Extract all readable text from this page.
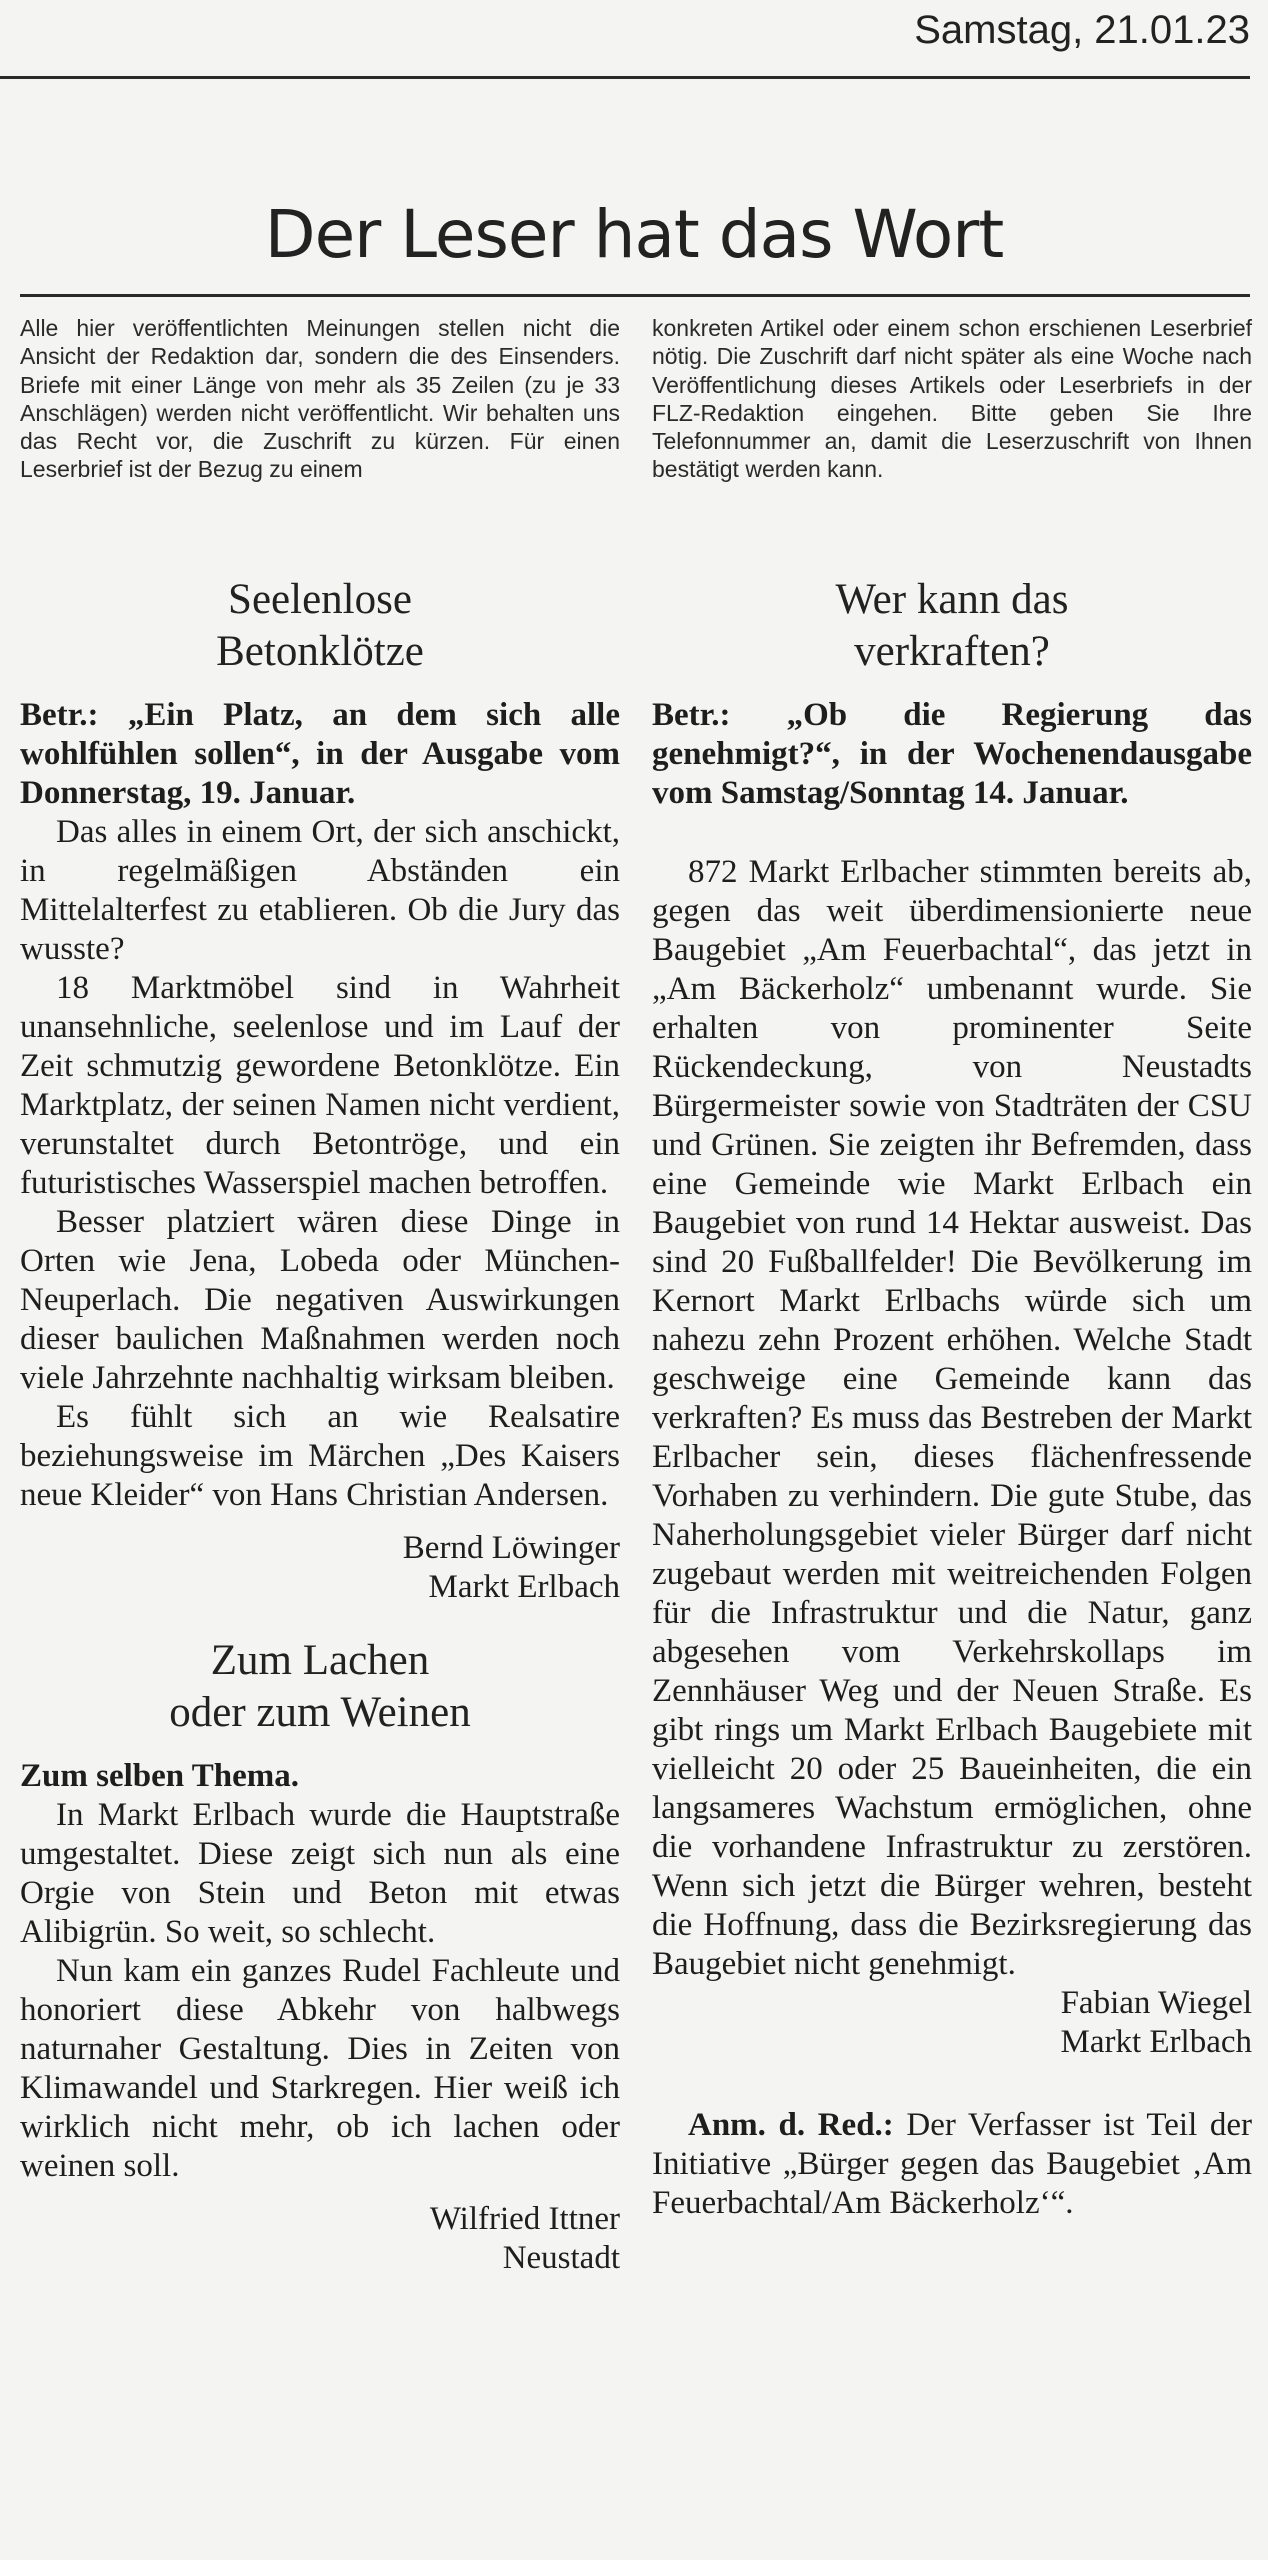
Samstag, 21.01.23
Der Leser hat das Wort
Alle hier veröffentlichten Meinungen stellen nicht die Ansicht der Redaktion dar, sondern die des Einsenders. Briefe mit einer Länge von mehr als 35 Zeilen (zu je 33 Anschlägen) werden nicht veröffentlicht. Wir behalten uns das Recht vor, die Zuschrift zu kürzen. Für einen Leserbrief ist der Bezug zu einem
konkreten Artikel oder einem schon erschienen Leserbrief nötig. Die Zuschrift darf nicht später als eine Woche nach Veröffentlichung dieses Artikels oder Leserbriefs in der FLZ-Redaktion eingehen. Bitte geben Sie Ihre Telefonnummer an, damit die Leserzuschrift von Ihnen bestätigt werden kann.
Seelenlose
Betonklötze

Betr.: „Ein Platz, an dem sich alle wohlfühlen sollen“, in der Ausgabe vom Donnerstag, 19. Januar.

Das alles in einem Ort, der sich anschickt, in regelmäßigen Abständen ein Mittelalterfest zu etablieren. Ob die Jury das wusste?

18 Marktmöbel sind in Wahrheit unansehnliche, seelenlose und im Lauf der Zeit schmutzig gewordene Betonklötze. Ein Marktplatz, der seinen Namen nicht verdient, verunstaltet durch Betontröge, und ein futuristisches Wasserspiel machen betroffen.

Besser platziert wären diese Dinge in Orten wie Jena, Lobeda oder München-Neuperlach. Die negativen Auswirkungen dieser baulichen Maßnahmen werden noch viele Jahrzehnte nachhaltig wirksam bleiben.

Es fühlt sich an wie Realsatire beziehungsweise im Märchen „Des Kaisers neue Kleider“ von Hans Christian Andersen.

Bernd Löwinger

Markt Erlbach

Zum Lachen
oder zum Weinen

Zum selben Thema.

In Markt Erlbach wurde die Hauptstraße umgestaltet. Diese zeigt sich nun als eine Orgie von Stein und Beton mit etwas Alibigrün. So weit, so schlecht.

Nun kam ein ganzes Rudel Fachleute und honoriert diese Abkehr von halbwegs naturnaher Gestaltung. Dies in Zeiten von Klimawandel und Starkregen. Hier weiß ich wirklich nicht mehr, ob ich lachen oder weinen soll.

Wilfried Ittner

Neustadt

Wer kann das
verkraften?

Betr.: „Ob die Regierung das genehmigt?“, in der Wochenendausgabe vom Samstag/Sonntag 14. Januar.

872 Markt Erlbacher stimmten bereits ab, gegen das weit überdimensionierte neue Baugebiet „Am Feuerbachtal“, das jetzt in „Am Bäckerholz“ umbenannt wurde. Sie erhalten von prominenter Seite Rückendeckung, von Neustadts Bürgermeister sowie von Stadträten der CSU und Grünen. Sie zeigten ihr Befremden, dass eine Gemeinde wie Markt Erlbach ein Baugebiet von rund 14 Hektar ausweist. Das sind 20 Fußballfelder! Die Bevölkerung im Kernort Markt Erlbachs würde sich um nahezu zehn Prozent erhöhen. Welche Stadt geschweige eine Gemeinde kann das verkraften? Es muss das Bestreben der Markt Erlbacher sein, dieses flächenfressende Vorhaben zu verhindern. Die gute Stube, das Naherholungsgebiet vieler Bürger darf nicht zugebaut werden mit weitreichenden Folgen für die Infrastruktur und die Natur, ganz abgesehen vom Verkehrskollaps im Zennhäuser Weg und der Neuen Straße. Es gibt rings um Markt Erlbach Baugebiete mit vielleicht 20 oder 25 Baueinheiten, die ein langsameres Wachstum ermöglichen, ohne die vorhandene Infrastruktur zu zerstören. Wenn sich jetzt die Bürger wehren, besteht die Hoffnung, dass die Bezirksregierung das Baugebiet nicht genehmigt.

Fabian Wiegel

Markt Erlbach

Anm. d. Red.: Der Verfasser ist Teil der Initiative „Bürger gegen das Baugebiet ‚Am Feuerbachtal/Am Bäckerholz‘“.
